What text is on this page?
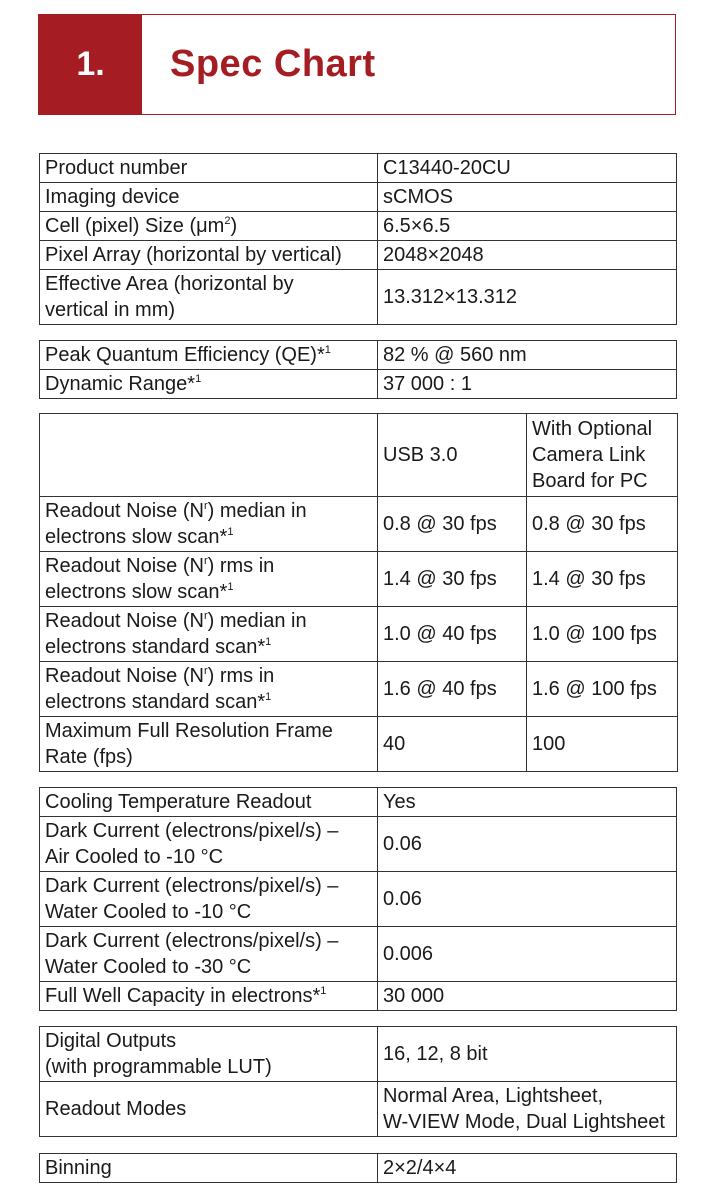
1.	Spec Chart
Product number	C13440-20CU
Imaging device	sCMOS
Cell (pixel) Size $(\mu m^2)$	6.5×6.5
Pixel Array (horizontal by vertical)	2048×2048
Effective Area (horizontal by
vertical in mm)	13.312×13.312
Peak Quantum Efficiency (QE)*$^1$	82 % @ 560 nm
Dynamic Range*$^1$	37 000 : 1
	USB 3.0	With Optional
Camera Link
Board for PC
Readout Noise $(N^r)$ median in
electrons slow scan*$^1$	0.8 @ 30 fps	0.8 @ 30 fps
Readout Noise $(N^r)$ rms in
electrons slow scan*$^1$	1.4 @ 30 fps	1.4 @ 30 fps
Readout Noise $(N^r)$ median in
electrons standard scan*$^1$	1.0 @ 40 fps	1.0 @ 100 fps
Readout Noise $(N^r)$ rms in
electrons standard scan*$^1$	1.6 @ 40 fps	1.6 @ 100 fps
Maximum Full Resolution Frame
Rate (fps)	40	100
Cooling Temperature Readout	Yes
Dark Current (electrons/pixel/s) –
Air Cooled to -10 °C	0.06
Dark Current (electrons/pixel/s) –
Water Cooled to -10 °C	0.06
Dark Current (electrons/pixel/s) –
Water Cooled to -30 °C	0.006
Full Well Capacity in electrons*$^1$	30 000
Digital Outputs
(with programmable LUT)	16, 12, 8 bit
Readout Modes	Normal Area, Lightsheet,
W-VIEW Mode, Dual Lightsheet
Binning	2×2/4×4
